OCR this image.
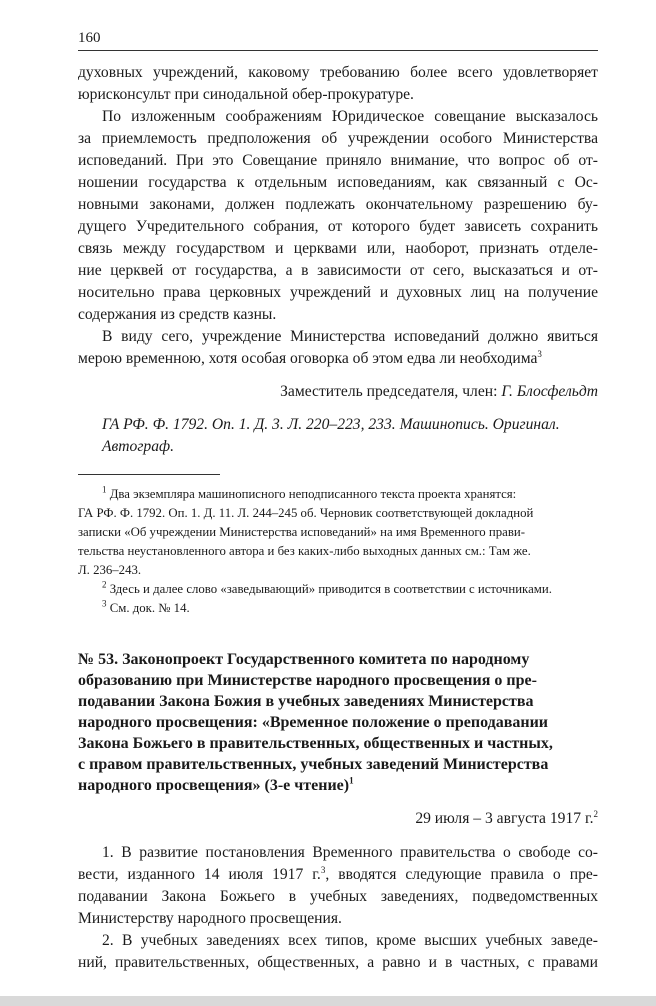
160
духовных учреждений, каковому требованию более всего удовлетворяет
юрисконсульт при синодальной обер-прокуратуре.
По изложенным соображениям Юридическое совещание высказалось
за приемлемость предположения об учреждении особого Министерства
исповеданий. При это Совещание приняло внимание, что вопрос об от-
ношении государства к отдельным исповеданиям, как связанный с Ос-
новными законами, должен подлежать окончательному разрешению бу-
дущего Учредительного собрания, от которого будет зависеть сохранить
связь между государством и церквами или, наоборот, признать отделе-
ние церквей от государства, а в зависимости от сего, высказаться и от-
носительно права церковных учреждений и духовных лиц на получение
содержания из средств казны.
В виду сего, учреждение Министерства исповеданий должно явиться
мерою временною, хотя особая оговорка об этом едва ли необходима$^3$
Заместитель председателя, член: Г. Блосфельдт
ГА РФ. Ф. 1792. Оп. 1. Д. 3. Л. 220–223, 233. Машинопись. Оригинал.
Автограф.
$^1$ Два экземпляра машинописного неподписанного текста проекта хранятся:
ГА РФ. Ф. 1792. Оп. 1. Д. 11. Л. 244–245 об. Черновик соответствующей докладной
записки «Об учреждении Министерства исповеданий» на имя Временного прави-
тельства неустановленного автора и без каких-либо выходных данных см.: Там же.
Л. 236–243.
$^2$ Здесь и далее слово «заведывающий» приводится в соответствии с источниками.
$^3$ См. док. № 14.
№ 53. Законопроект Государственного комитета по народному
образованию при Министерстве народного просвещения о пре-
подавании Закона Божия в учебных заведениях Министерства
народного просвещения: «Временное положение о преподавании
Закона Божьего в правительственных, общественных и частных,
с правом правительственных, учебных заведений Министерства
народного просвещения» (3-е чтение)$^1$
29 июля – 3 августа 1917 г.$^2$
1. В развитие постановления Временного правительства о свободе со-
вести, изданного 14 июля 1917 г.$^3$, вводятся следующие правила о пре-
подавании Закона Божьего в учебных заведениях, подведомственных
Министерству народного просвещения.
2. В учебных заведениях всех типов, кроме высших учебных заведе-
ний, правительственных, общественных, а равно и в частных, с правами
